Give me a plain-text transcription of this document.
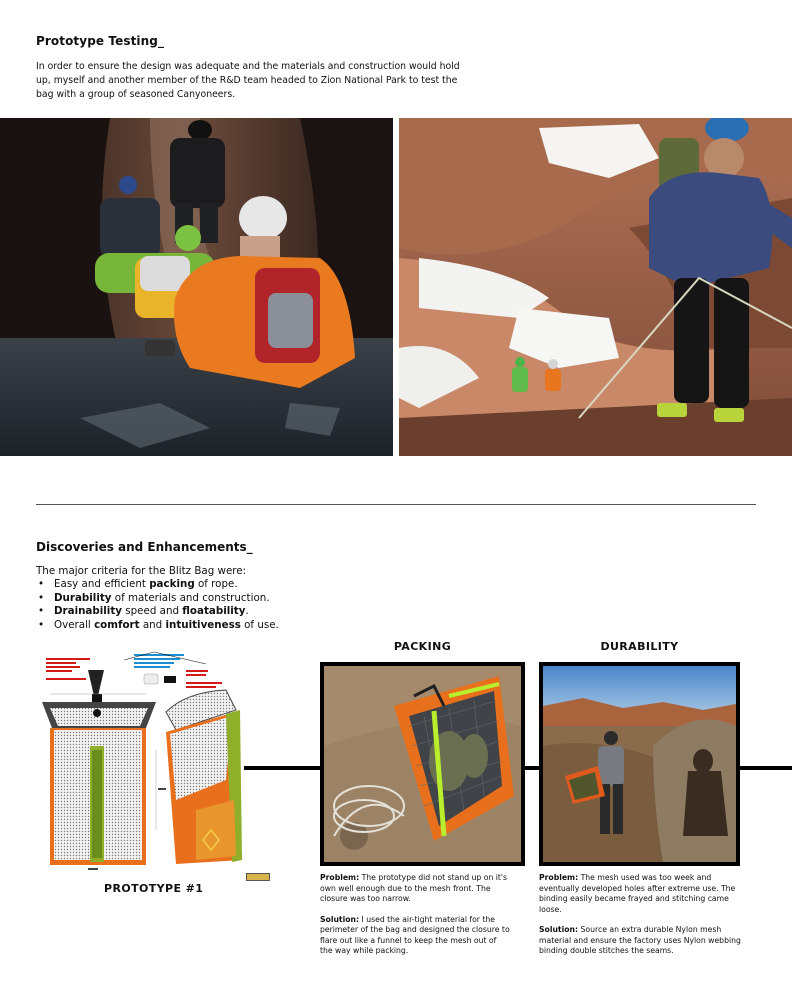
Prototype Testing_
In order to ensure the design was adequate and the materials and construction would hold up, myself and another member of the R&D team headed to Zion National Park to test the bag with a group of seasoned Canyoneers.
Discoveries and Enhancements_
The major criteria for the Blitz Bag were:
• Easy and efficient packing of rope.
• Durability of materials and construction.
• Drainability speed and floatability.
• Overall comfort and intuitiveness of use.
PROTOTYPE #1
PACKING

Problem: The prototype did not stand up on it's own well enough due to the mesh front. The closure was too narrow.

Solution: I used the air-tight material for the perimeter of the bag and designed the closure to flare out like a funnel to keep the mesh out of the way while packing.

DURABILITY

Problem: The mesh used was too week and eventually developed holes after extreme use. The binding easily became frayed and stitching came loose.

Solution: Source an extra durable Nylon mesh material and ensure the factory uses Nylon webbing binding double stitches the seams.
